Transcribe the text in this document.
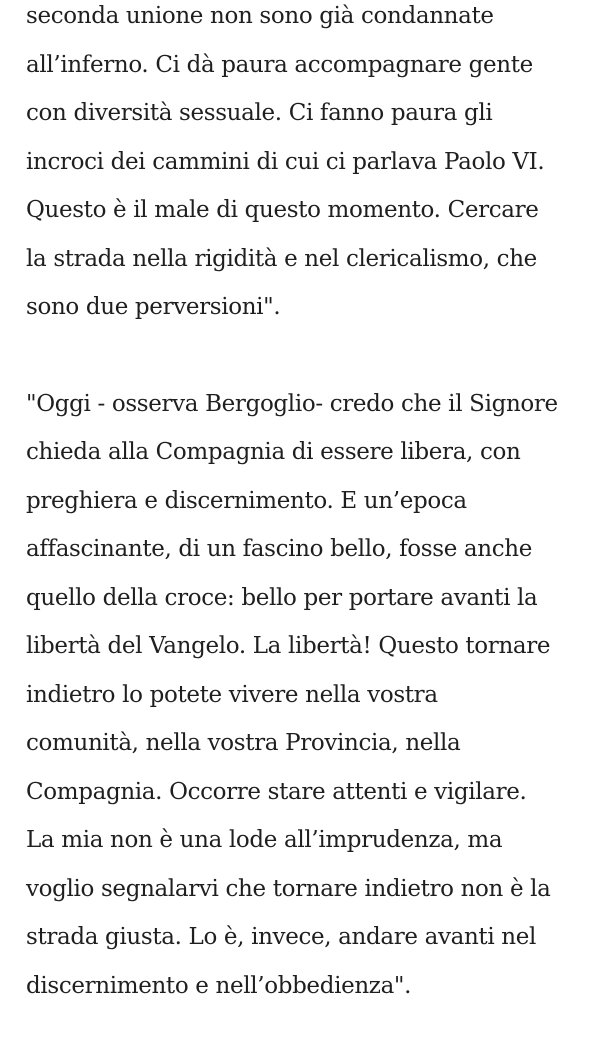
seconda unione non sono già condannate
all’inferno. Ci dà paura accompagnare gente
con diversità sessuale. Ci fanno paura gli
incroci dei cammini di cui ci parlava Paolo VI.
Questo è il male di questo momento. Cercare
la strada nella rigidità e nel clericalismo, che
sono due perversioni".

"Oggi - osserva Bergoglio- credo che il Signore
chieda alla Compagnia di essere libera, con
preghiera e discernimento. E un’epoca
affascinante, di un fascino bello, fosse anche
quello della croce: bello per portare avanti la
libertà del Vangelo. La libertà! Questo tornare
indietro lo potete vivere nella vostra
comunità, nella vostra Provincia, nella
Compagnia. Occorre stare attenti e vigilare.
La mia non è una lode all’imprudenza, ma
voglio segnalarvi che tornare indietro non è la
strada giusta. Lo è, invece, andare avanti nel
discernimento e nell’obbedienza".
